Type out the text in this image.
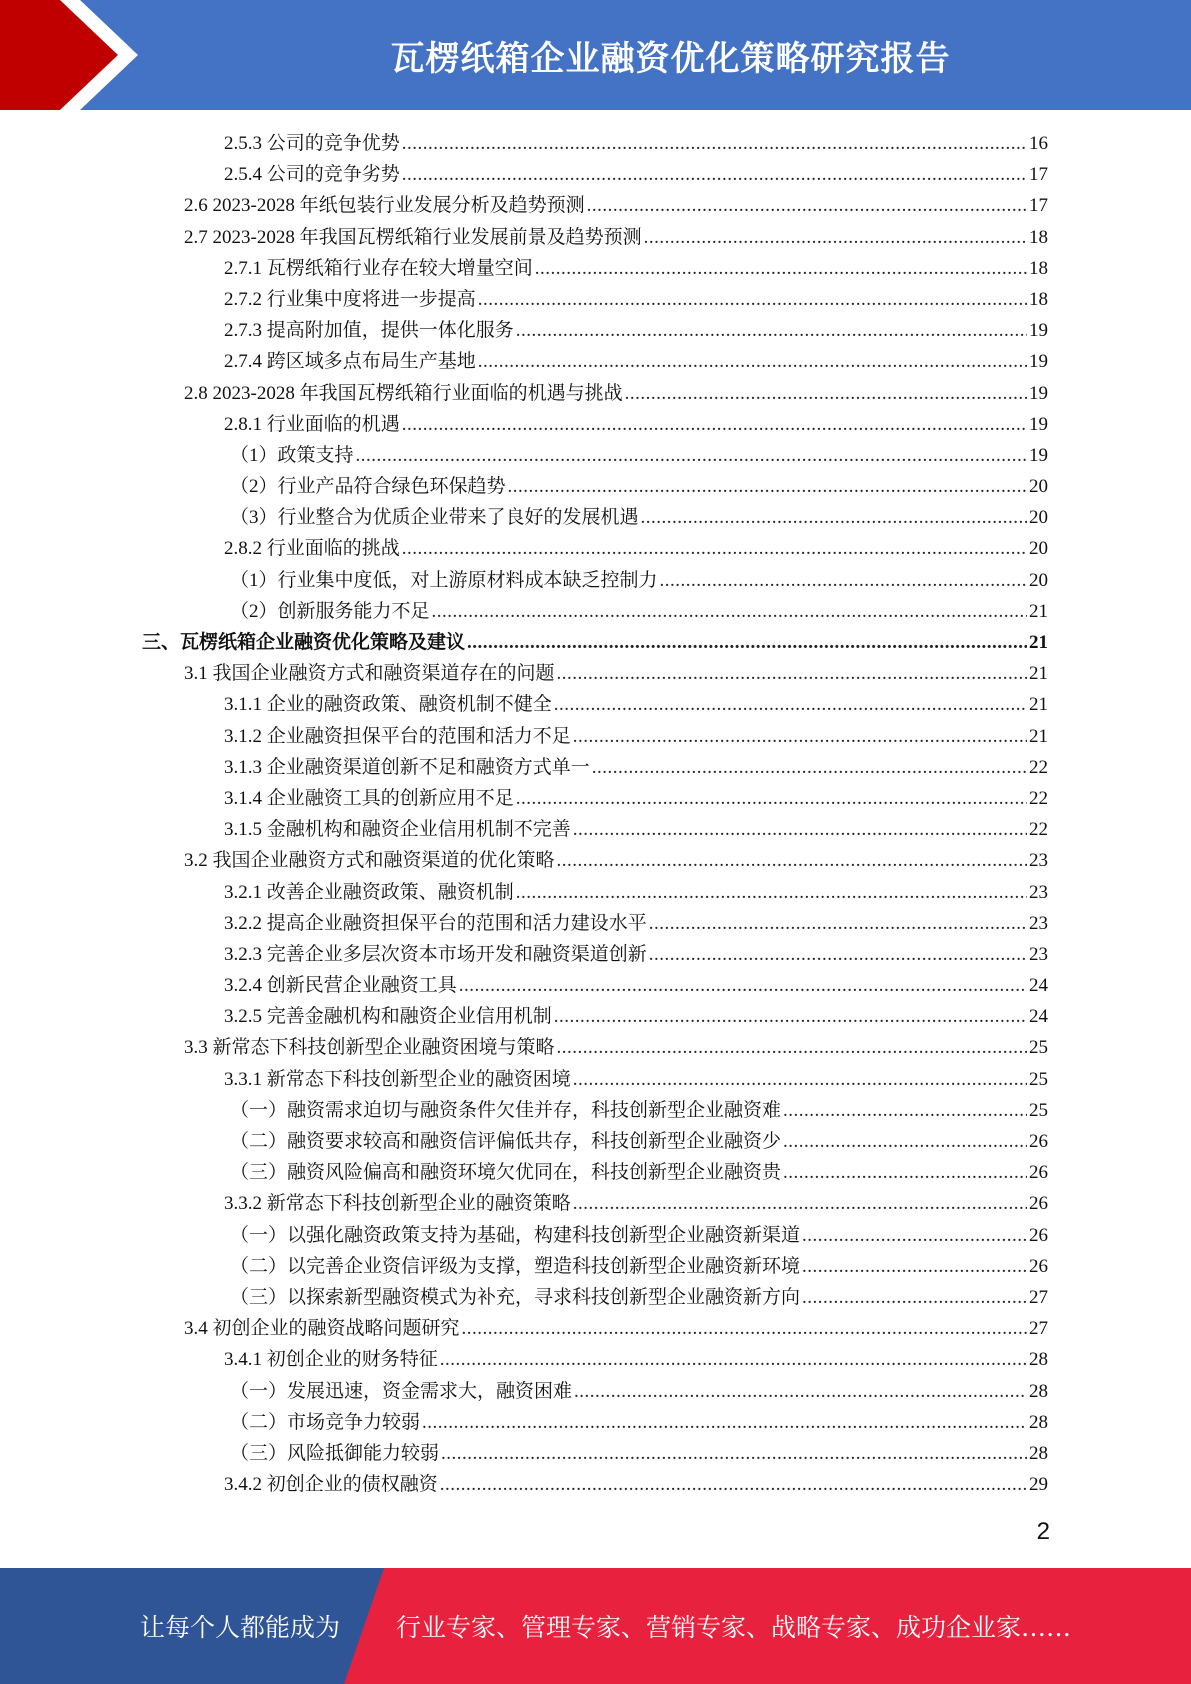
瓦楞纸箱企业融资优化策略研究报告
2.5.3 公司的竞争优势 .....	16
2.5.4 公司的竞争劣势 .....	17
2.6 2023-2028 年纸包装行业发展分析及趋势预测 .....	17
2.7 2023-2028 年我国瓦楞纸箱行业发展前景及趋势预测 .....	18
2.7.1 瓦楞纸箱行业存在较大增量空间 .....	18
2.7.2 行业集中度将进一步提高 .....	18
2.7.3 提高附加值，提供一体化服务 .....	19
2.7.4 跨区域多点布局生产基地 .....	19
2.8 2023-2028 年我国瓦楞纸箱行业面临的机遇与挑战 .....	19
2.8.1 行业面临的机遇 .....	19
（1）政策支持 .....	19
（2）行业产品符合绿色环保趋势 .....	20
（3）行业整合为优质企业带来了良好的发展机遇 .....	20
2.8.2 行业面临的挑战 .....	20
（1）行业集中度低，对上游原材料成本缺乏控制力 .....	20
（2）创新服务能力不足 .....	21
三、瓦楞纸箱企业融资优化策略及建议 .....	21
3.1 我国企业融资方式和融资渠道存在的问题 .....	21
3.1.1 企业的融资政策、融资机制不健全 .....	21
3.1.2 企业融资担保平台的范围和活力不足 .....	21
3.1.3 企业融资渠道创新不足和融资方式单一 .....	22
3.1.4 企业融资工具的创新应用不足 .....	22
3.1.5 金融机构和融资企业信用机制不完善 .....	22
3.2 我国企业融资方式和融资渠道的优化策略 .....	23
3.2.1 改善企业融资政策、融资机制 .....	23
3.2.2 提高企业融资担保平台的范围和活力建设水平 .....	23
3.2.3 完善企业多层次资本市场开发和融资渠道创新 .....	23
3.2.4 创新民营企业融资工具 .....	24
3.2.5 完善金融机构和融资企业信用机制 .....	24
3.3 新常态下科技创新型企业融资困境与策略 .....	25
3.3.1 新常态下科技创新型企业的融资困境 .....	25
（一）融资需求迫切与融资条件欠佳并存，科技创新型企业融资难 .....	25
（二）融资要求较高和融资信评偏低共存，科技创新型企业融资少 .....	26
（三）融资风险偏高和融资环境欠优同在，科技创新型企业融资贵 .....	26
3.3.2 新常态下科技创新型企业的融资策略 .....	26
（一）以强化融资政策支持为基础，构建科技创新型企业融资新渠道 .....	26
（二）以完善企业资信评级为支撑，塑造科技创新型企业融资新环境 .....	26
（三）以探索新型融资模式为补充，寻求科技创新型企业融资新方向 .....	27
3.4 初创企业的融资战略问题研究 .....	27
3.4.1 初创企业的财务特征 .....	28
（一）发展迅速，资金需求大，融资困难 .....	28
（二）市场竞争力较弱 .....	28
（三）风险抵御能力较弱 .....	28
3.4.2 初创企业的债权融资 .....	29
2
让每个人都能成为 行业专家、管理专家、营销专家、战略专家、成功企业家……
